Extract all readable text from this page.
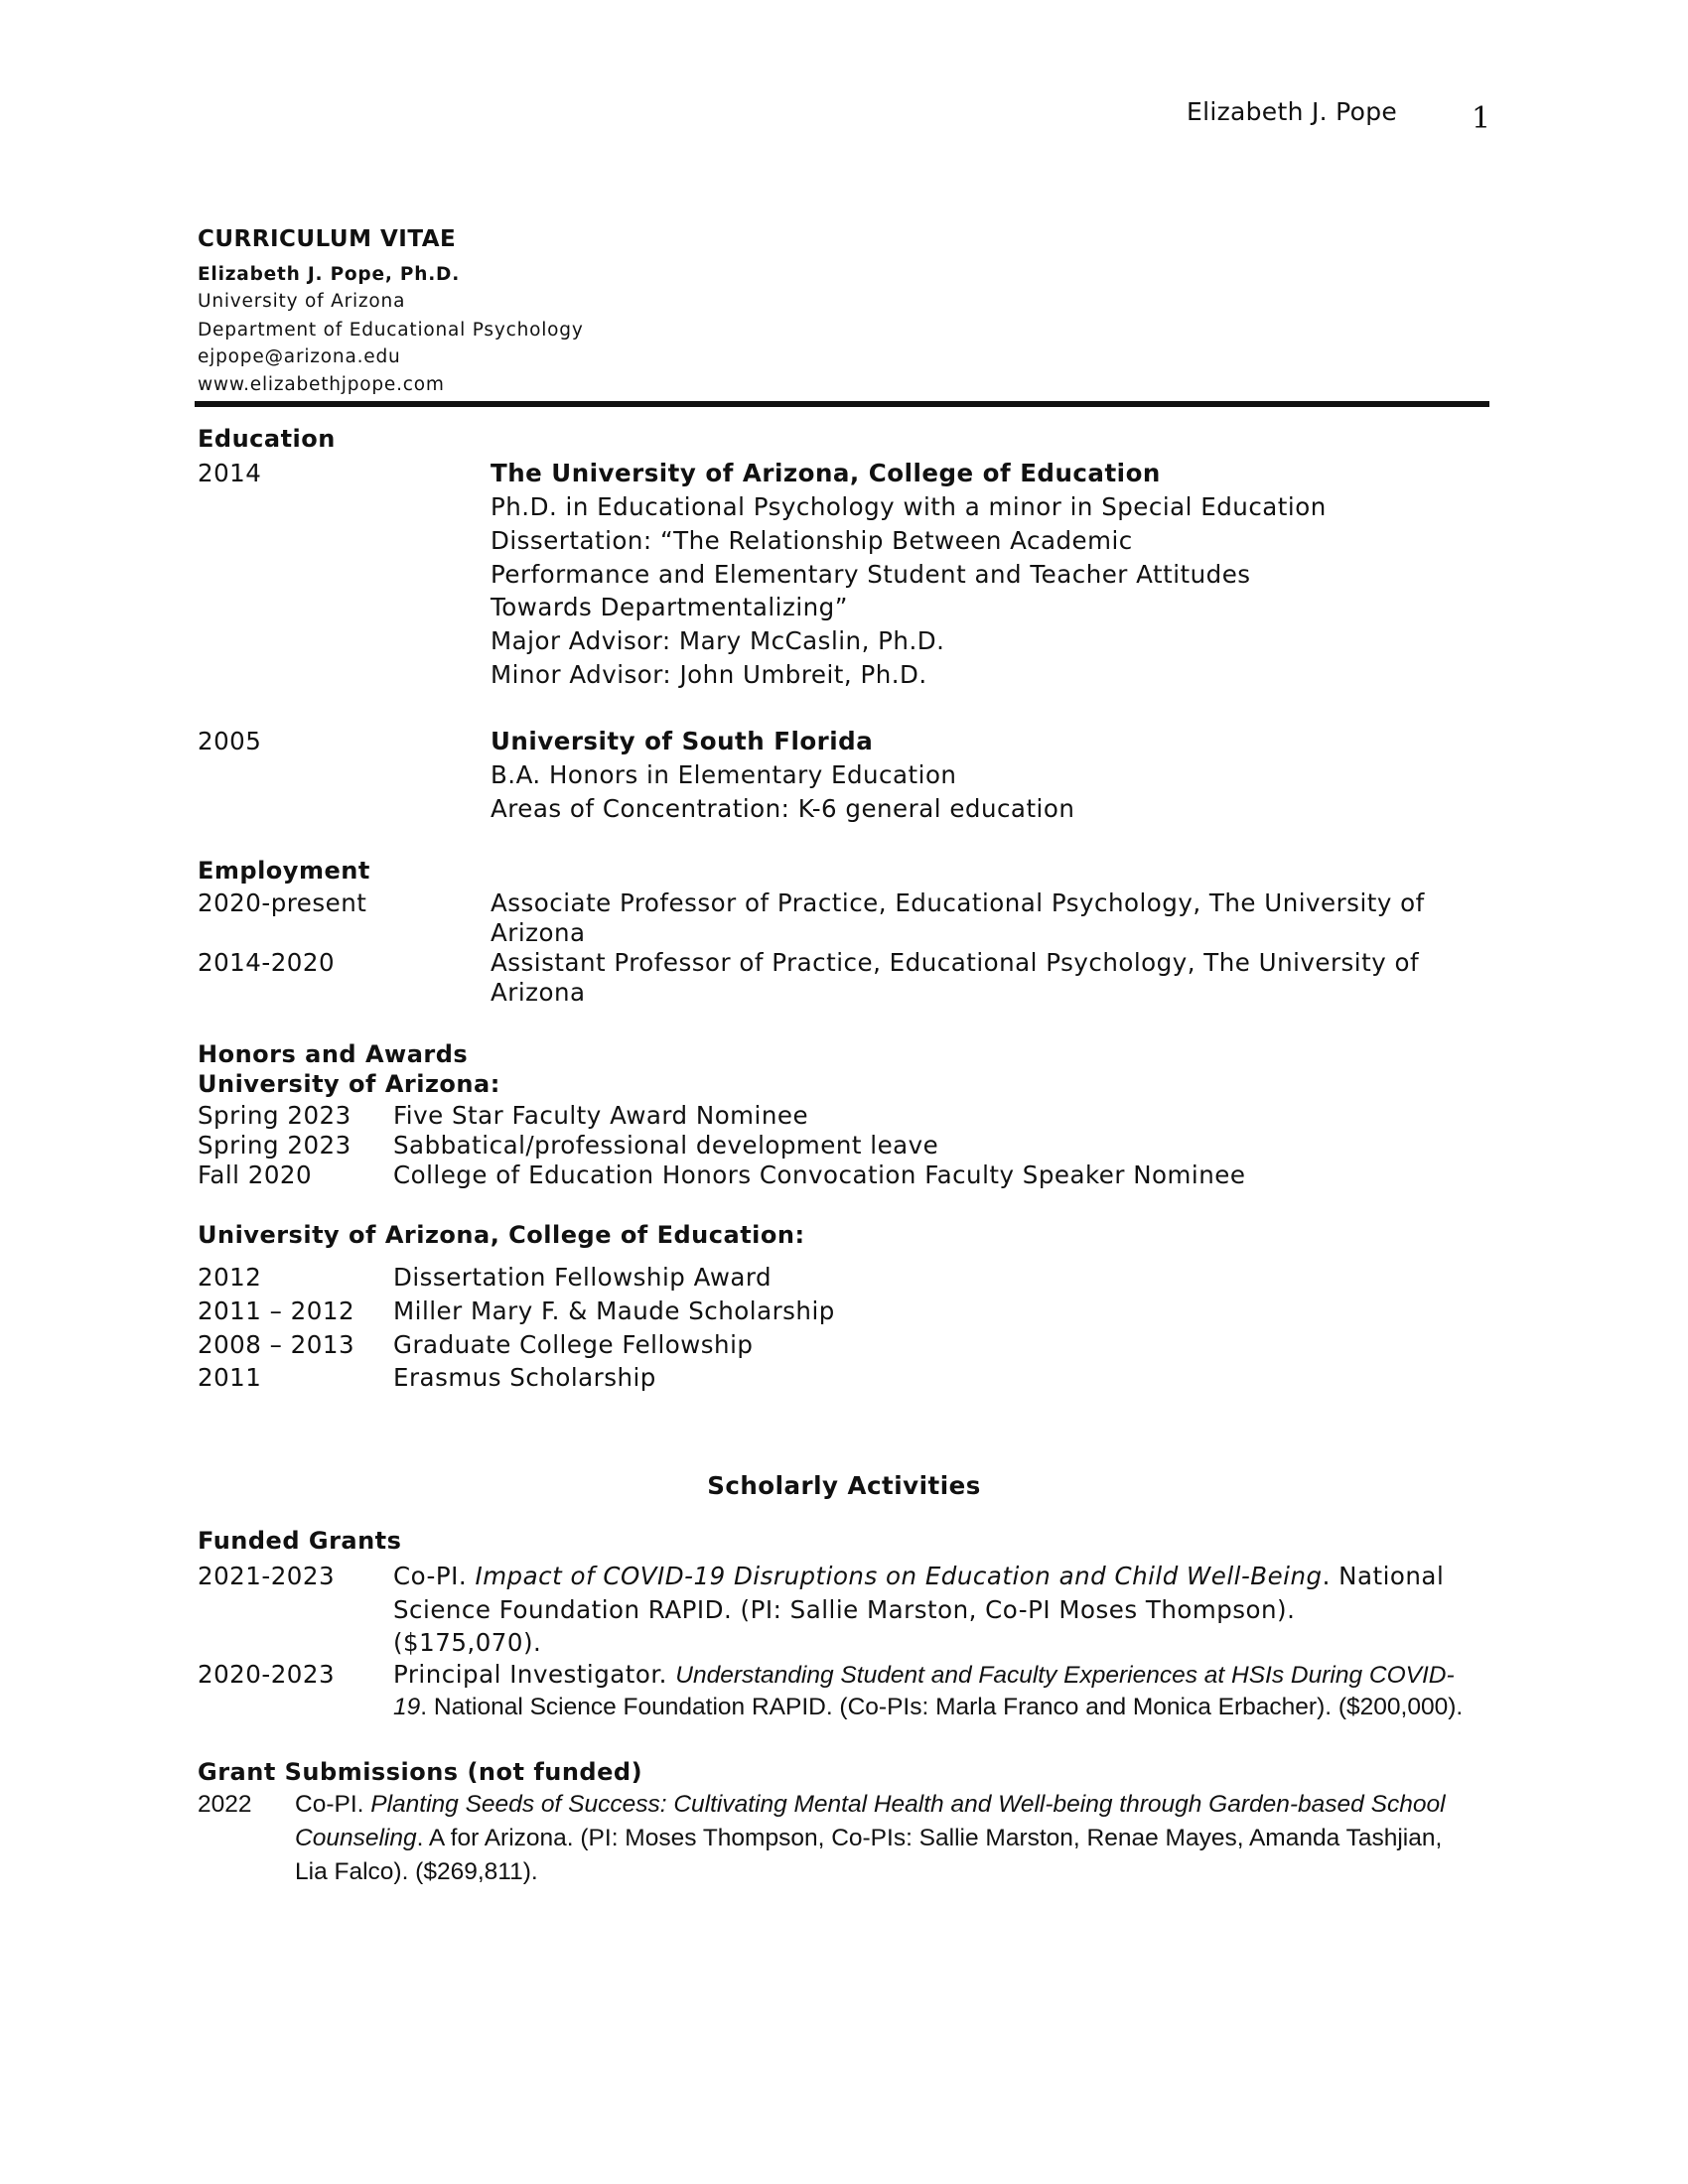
Elizabeth J. Pope 1
CURRICULUM VITAE
Elizabeth J. Pope, Ph.D.
University of Arizona
Department of Educational Psychology
ejpope@arizona.edu
www.elizabethjpope.com
Education
2014	The University of Arizona, College of Education
Ph.D. in Educational Psychology with a minor in Special Education
Dissertation: “The Relationship Between Academic
Performance and Elementary Student and Teacher Attitudes
Towards Departmentalizing”
Major Advisor: Mary McCaslin, Ph.D.
Minor Advisor: John Umbreit, Ph.D.
2005	University of South Florida
B.A. Honors in Elementary Education
Areas of Concentration: K-6 general education
Employment
2020-present	Associate Professor of Practice, Educational Psychology, The University of
Arizona
2014-2020	Assistant Professor of Practice, Educational Psychology, The University of
Arizona
Honors and Awards
University of Arizona:
Spring 2023 Five Star Faculty Award Nominee
Spring 2023 Sabbatical/professional development leave
Fall 2020	College of Education Honors Convocation Faculty Speaker Nominee
University of Arizona, College of Education:
2012	Dissertation Fellowship Award
2011 – 2012 Miller Mary F. & Maude Scholarship
2008 – 2013 Graduate College Fellowship
2011	Erasmus Scholarship
Scholarly Activities
Funded Grants
2021-2023 Co-PI. Impact of COVID-19 Disruptions on Education and Child Well-Being. National
Science Foundation RAPID. (PI: Sallie Marston, Co-PI Moses Thompson).
($175,070).
2020-2023 Principal Investigator. Understanding Student and Faculty Experiences at HSIs During COVID-
19. National Science Foundation RAPID. (Co-PIs: Marla Franco and Monica Erbacher). ($200,000).
Grant Submissions (not funded)
2022 Co-PI. Planting Seeds of Success: Cultivating Mental Health and Well-being through Garden-based School
Counseling. A for Arizona. (PI: Moses Thompson, Co-PIs: Sallie Marston, Renae Mayes, Amanda Tashjian,
Lia Falco). ($269,811).
